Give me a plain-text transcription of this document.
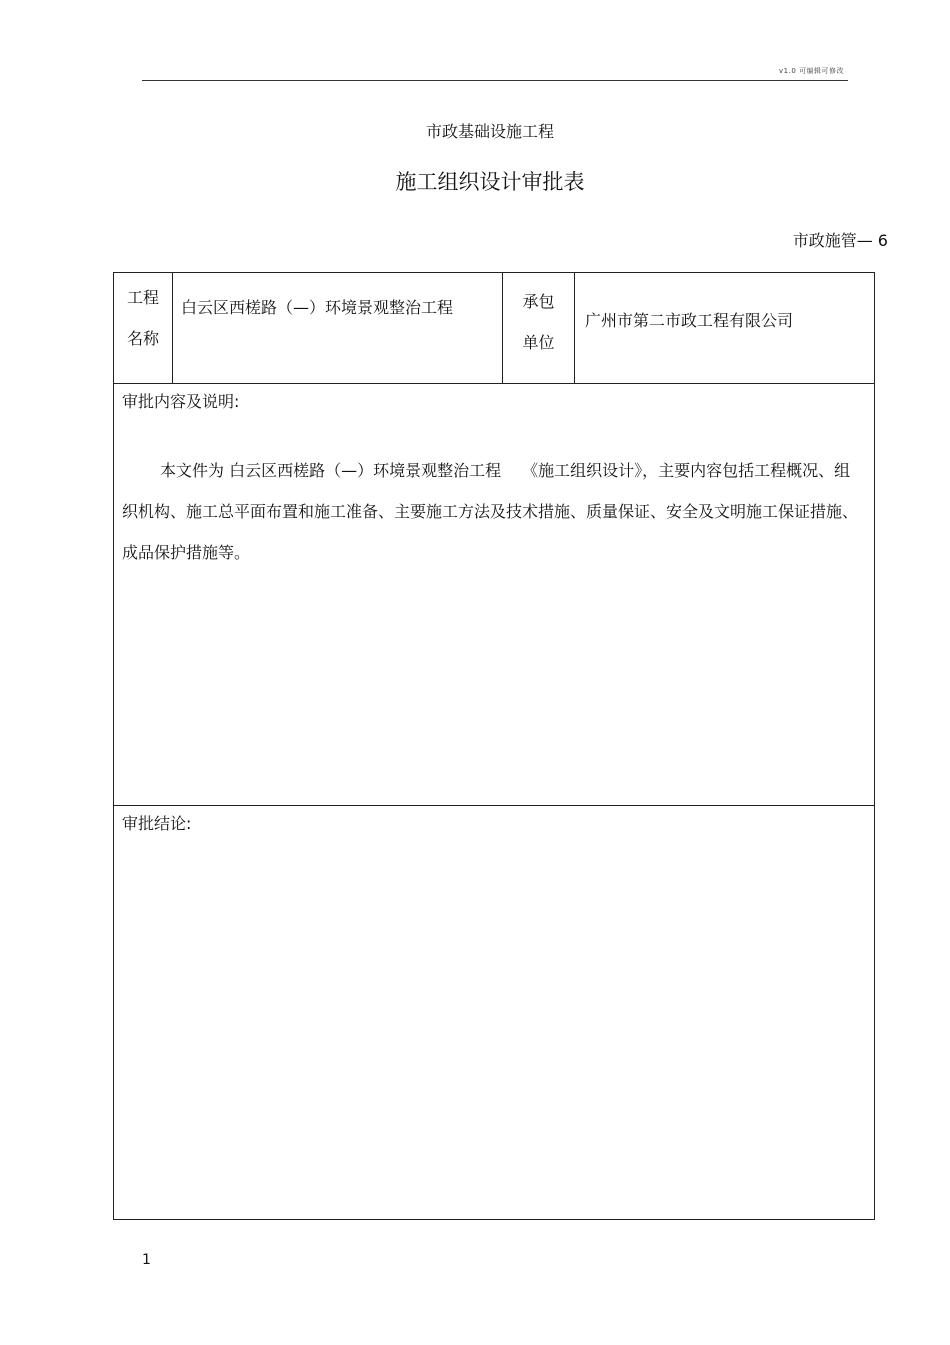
v1.0 可编辑可修改
市政基础设施工程
施工组织设计审批表
市政施管— 6
工程
名称
白云区西槎路（—）环境景观整治工程	承包
单位
广州市第二市政工程有限公司
审批内容及说明:
本文件为 白云区西槎路（—）环境景观整治工程　 《施工组织设计》，主要内容包括工程概况、组织机构、施工总平面布置和施工准备、主要施工方法及技术措施、质量保证、安全及文明施工保证措施、成品保护措施等。
审批结论:
1
